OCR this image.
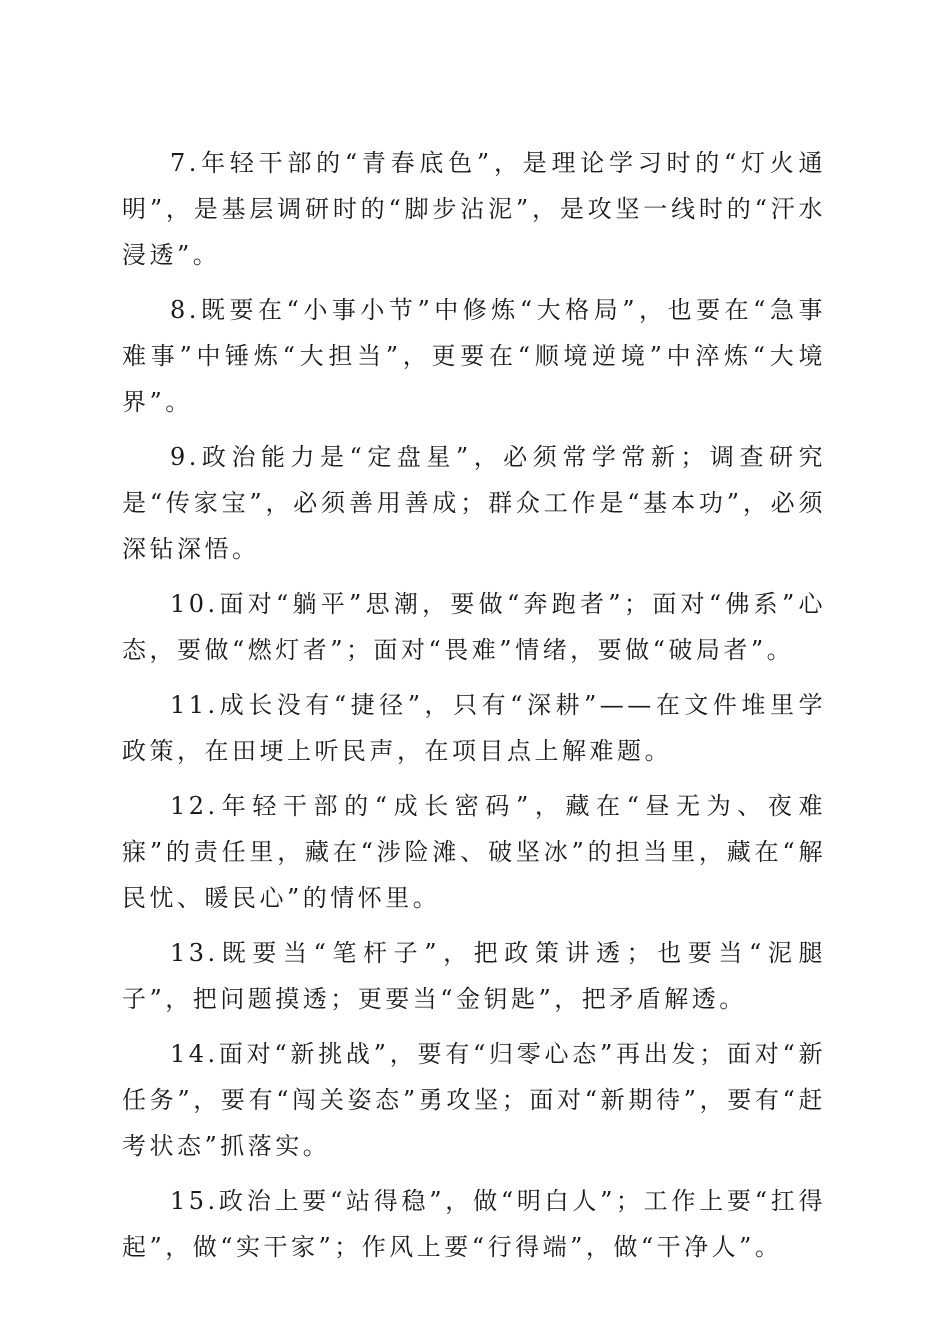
7.年轻干部的“青春底色”，是理论学习时的“灯火通明”，是基层调研时的“脚步沾泥”，是攻坚一线时的“汗水浸透”。

8.既要在“小事小节”中修炼“大格局”，也要在“急事难事”中锤炼“大担当”，更要在“顺境逆境”中淬炼“大境界”。

9.政治能力是“定盘星”，必须常学常新；调查研究是“传家宝”，必须善用善成；群众工作是“基本功”，必须深钻深悟。

10.面对“躺平”思潮，要做“奔跑者”；面对“佛系”心态，要做“燃灯者”；面对“畏难”情绪，要做“破局者”。

11.成长没有“捷径”，只有“深耕”——在文件堆里学政策，在田埂上听民声，在项目点上解难题。

12.年轻干部的“成长密码”，藏在“昼无为、夜难寐”的责任里，藏在“涉险滩、破坚冰”的担当里，藏在“解民忧、暖民心”的情怀里。

13.既要当“笔杆子”，把政策讲透；也要当“泥腿子”，把问题摸透；更要当“金钥匙”，把矛盾解透。

14.面对“新挑战”，要有“归零心态”再出发；面对“新任务”，要有“闯关姿态”勇攻坚；面对“新期待”，要有“赶考状态”抓落实。

15.政治上要“站得稳”，做“明白人”；工作上要“扛得起”，做“实干家”；作风上要“行得端”，做“干净人”。
